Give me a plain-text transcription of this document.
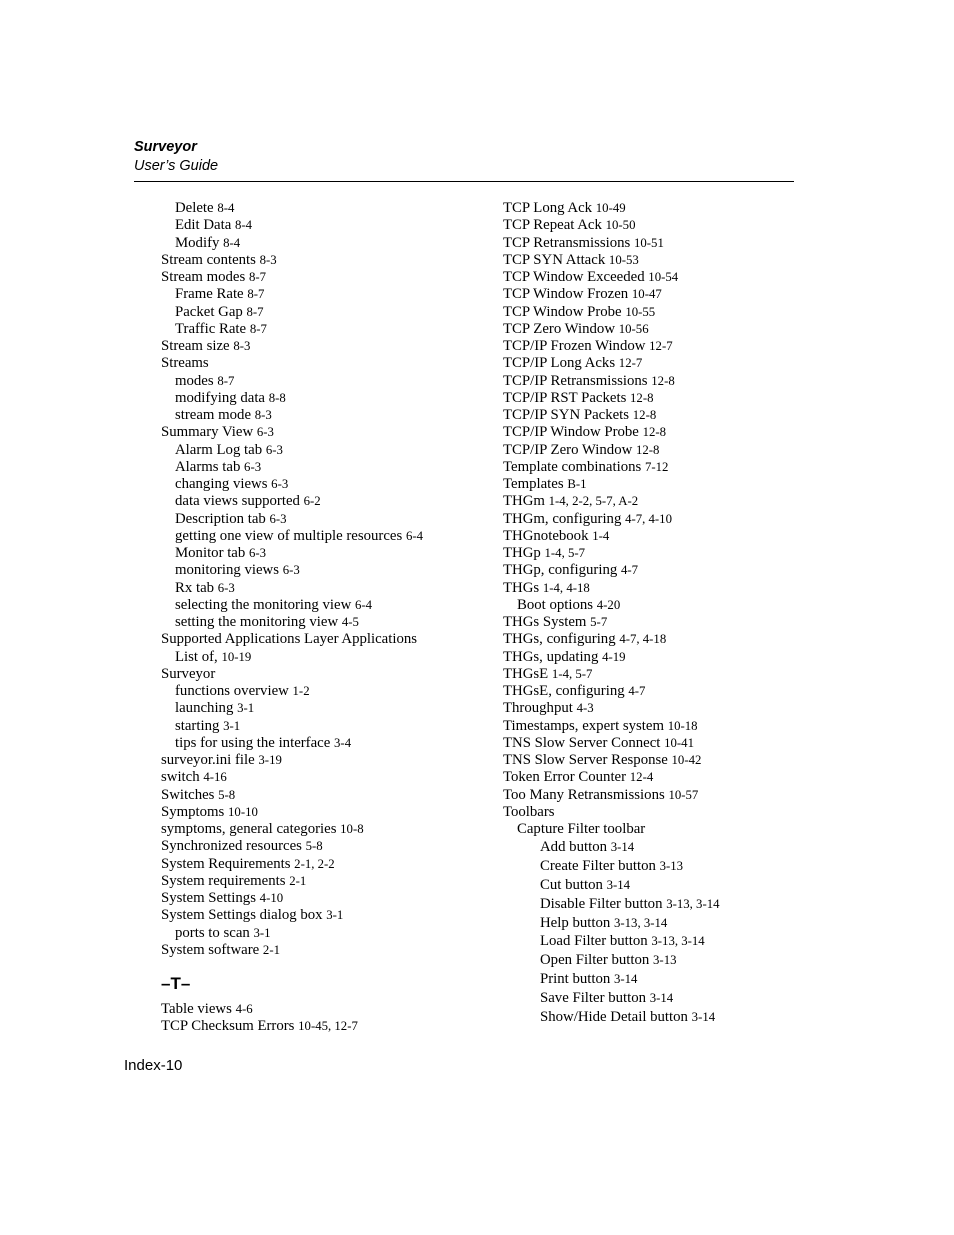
Surveyor
User’s Guide
Delete 8-4
Edit Data 8-4
Modify 8-4
Stream contents 8-3
Stream modes 8-7
Frame Rate 8-7
Packet Gap 8-7
Traffic Rate 8-7
Stream size 8-3
Streams
modes 8-7
modifying data 8-8
stream mode 8-3
Summary View 6-3
Alarm Log tab 6-3
Alarms tab 6-3
changing views 6-3
data views supported 6-2
Description tab 6-3
getting one view of multiple resources 6-4
Monitor tab 6-3
monitoring views 6-3
Rx tab 6-3
selecting the monitoring view 6-4
setting the monitoring view 4-5
Supported Applications Layer Applications
List of, 10-19
Surveyor
functions overview 1-2
launching 3-1
starting 3-1
tips for using the interface 3-4
surveyor.ini file 3-19
switch 4-16
Switches 5-8
Symptoms 10-10
symptoms, general categories 10-8
Synchronized resources 5-8
System Requirements 2-1, 2-2
System requirements 2-1
System Settings 4-10
System Settings dialog box 3-1
ports to scan 3-1
System software 2-1
–T–
Table views 4-6
TCP Checksum Errors 10-45, 12-7
TCP Long Ack 10-49
TCP Repeat Ack 10-50
TCP Retransmissions 10-51
TCP SYN Attack 10-53
TCP Window Exceeded 10-54
TCP Window Frozen 10-47
TCP Window Probe 10-55
TCP Zero Window 10-56
TCP/IP Frozen Window 12-7
TCP/IP Long Acks 12-7
TCP/IP Retransmissions 12-8
TCP/IP RST Packets 12-8
TCP/IP SYN Packets 12-8
TCP/IP Window Probe 12-8
TCP/IP Zero Window 12-8
Template combinations 7-12
Templates B-1
THGm 1-4, 2-2, 5-7, A-2
THGm, configuring 4-7, 4-10
THGnotebook 1-4
THGp 1-4, 5-7
THGp, configuring 4-7
THGs 1-4, 4-18
Boot options 4-20
THGs System 5-7
THGs, configuring 4-7, 4-18
THGs, updating 4-19
THGsE 1-4, 5-7
THGsE, configuring 4-7
Throughput 4-3
Timestamps, expert system 10-18
TNS Slow Server Connect 10-41
TNS Slow Server Response 10-42
Token Error Counter 12-4
Too Many Retransmissions 10-57
Toolbars
Capture Filter toolbar
Add button 3-14
Create Filter button 3-13
Cut button 3-14
Disable Filter button 3-13, 3-14
Help button 3-13, 3-14
Load Filter button 3-13, 3-14
Open Filter button 3-13
Print button 3-14
Save Filter button 3-14
Show/Hide Detail button 3-14
Index-10
